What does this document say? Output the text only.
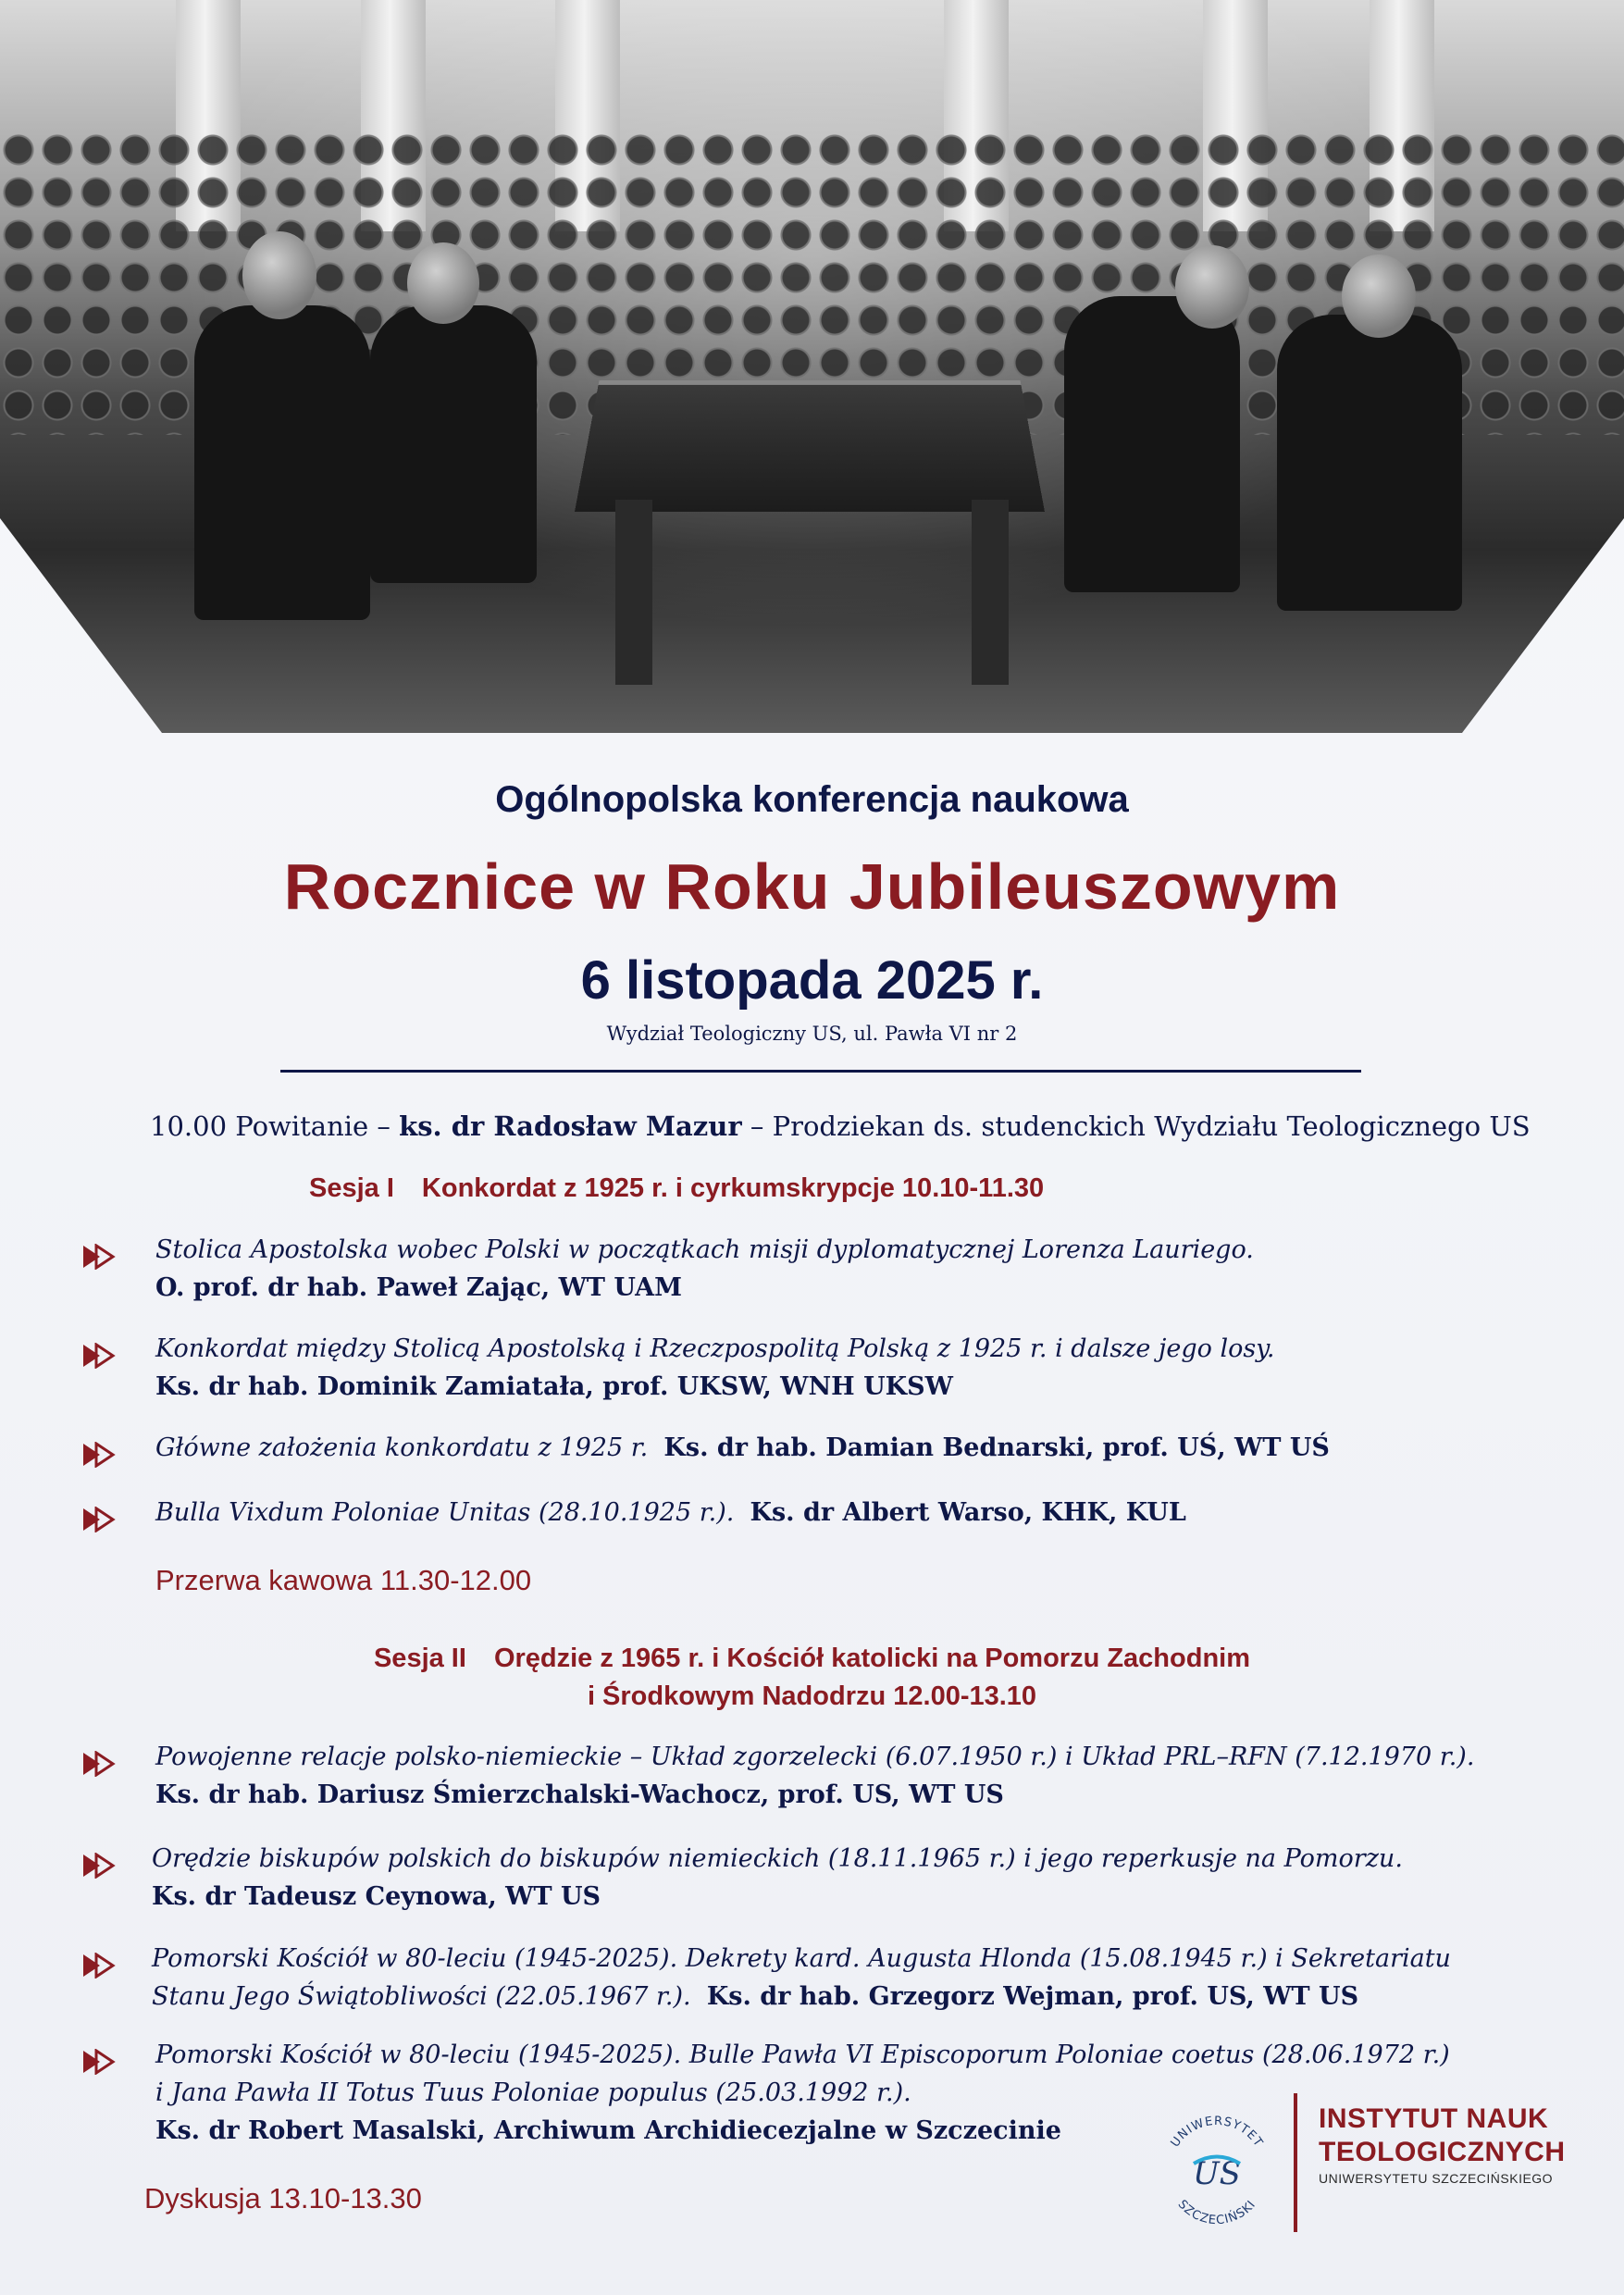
Ogólnopolska konferencja naukowa
Rocznice w Roku Jubileuszowym
6 listopada 2025 r.
Wydział Teologiczny US, ul. Pawła VI nr 2
10.00 Powitanie – ks. dr Radosław Mazur – Prodziekan ds. studenckich Wydziału Teologicznego US
Sesja I Konkordat z 1925 r. i cyrkumskrypcje 10.10-11.30
Stolica Apostolska wobec Polski w początkach misji dyplomatycznej Lorenza Lauriego.
O. prof. dr hab. Paweł Zając, WT UAM
Konkordat między Stolicą Apostolską i Rzeczpospolitą Polską z 1925 r. i dalsze jego losy.
Ks. dr hab. Dominik Zamiatała, prof. UKSW, WNH UKSW
Główne założenia konkordatu z 1925 r. Ks. dr hab. Damian Bednarski, prof. UŚ, WT UŚ
Bulla Vixdum Poloniae Unitas (28.10.1925 r.). Ks. dr Albert Warso, KHK, KUL
Przerwa kawowa 11.30-12.00
Sesja II Orędzie z 1965 r. i Kościół katolicki na Pomorzu Zachodnim
i Środkowym Nadodrzu 12.00-13.10
Powojenne relacje polsko-niemieckie – Układ zgorzelecki (6.07.1950 r.) i Układ PRL–RFN (7.12.1970 r.).
Ks. dr hab. Dariusz Śmierzchalski-Wachocz, prof. US, WT US
Orędzie biskupów polskich do biskupów niemieckich (18.11.1965 r.) i jego reperkusje na Pomorzu.
Ks. dr Tadeusz Ceynowa, WT US
Pomorski Kościół w 80-leciu (1945-2025). Dekrety kard. Augusta Hlonda (15.08.1945 r.) i Sekretariatu
Stanu Jego Świątobliwości (22.05.1967 r.). Ks. dr hab. Grzegorz Wejman, prof. US, WT US
Pomorski Kościół w 80-leciu (1945-2025). Bulle Pawła VI Episcoporum Poloniae coetus (28.06.1972 r.)
i Jana Pawła II Totus Tuus Poloniae populus (25.03.1992 r.).
Ks. dr Robert Masalski, Archiwum Archidiecezjalne w Szczecinie
Dyskusja 13.10-13.30
UNIWERSYTET
SZCZECIŃSKI
US
INSTYTUT NAUK
TEOLOGICZNYCH
UNIWERSYTETU SZCZECIŃSKIEGO
